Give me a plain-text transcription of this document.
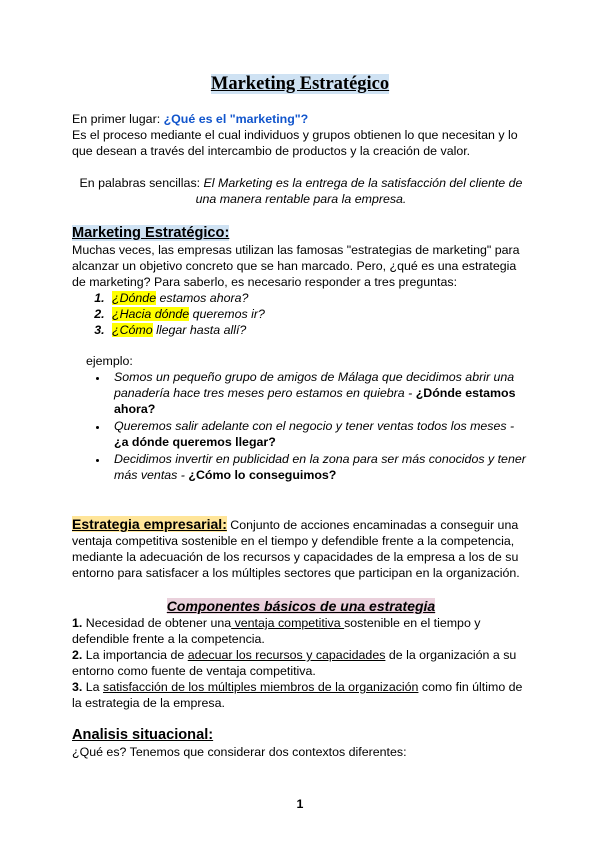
Marketing Estratégico
En primer lugar: ¿Qué es el "marketing"?
Es el proceso mediante el cual individuos y grupos obtienen lo que necesitan y lo que desean a través del intercambio de productos y la creación de valor.
En palabras sencillas: El Marketing es la entrega de la satisfacción del cliente de
una manera rentable para la empresa.
Marketing Estratégico:
Muchas veces, las empresas utilizan las famosas "estrategias de marketing" para alcanzar un objetivo concreto que se han marcado. Pero, ¿qué es una estrategia de marketing? Para saberlo, es necesario responder a tres preguntas:
1. ¿Dónde estamos ahora?
2. ¿Hacia dónde queremos ir?
3. ¿Cómo llegar hasta allí?
ejemplo:
• Somos un pequeño grupo de amigos de Málaga que decidimos abrir una panadería hace tres meses pero estamos en quiebra - ¿Dónde estamos ahora?
• Queremos salir adelante con el negocio y tener ventas todos los meses - ¿a dónde queremos llegar?
• Decidimos invertir en publicidad en la zona para ser más conocidos y tener más ventas - ¿Cómo lo conseguimos?
Estrategia empresarial: Conjunto de acciones encaminadas a conseguir una ventaja competitiva sostenible en el tiempo y defendible frente a la competencia, mediante la adecuación de los recursos y capacidades de la empresa a los de su entorno para satisfacer a los múltiples sectores que participan en la organización.
Componentes básicos de una estrategia
1. Necesidad de obtener una ventaja competitiva sostenible en el tiempo y defendible frente a la competencia.
2. La importancia de adecuar los recursos y capacidades de la organización a su entorno como fuente de ventaja competitiva.
3. La satisfacción de los múltiples miembros de la organización como fin último de la estrategia de la empresa.
Analisis situacional:
¿Qué es? Tenemos que considerar dos contextos diferentes:
1
